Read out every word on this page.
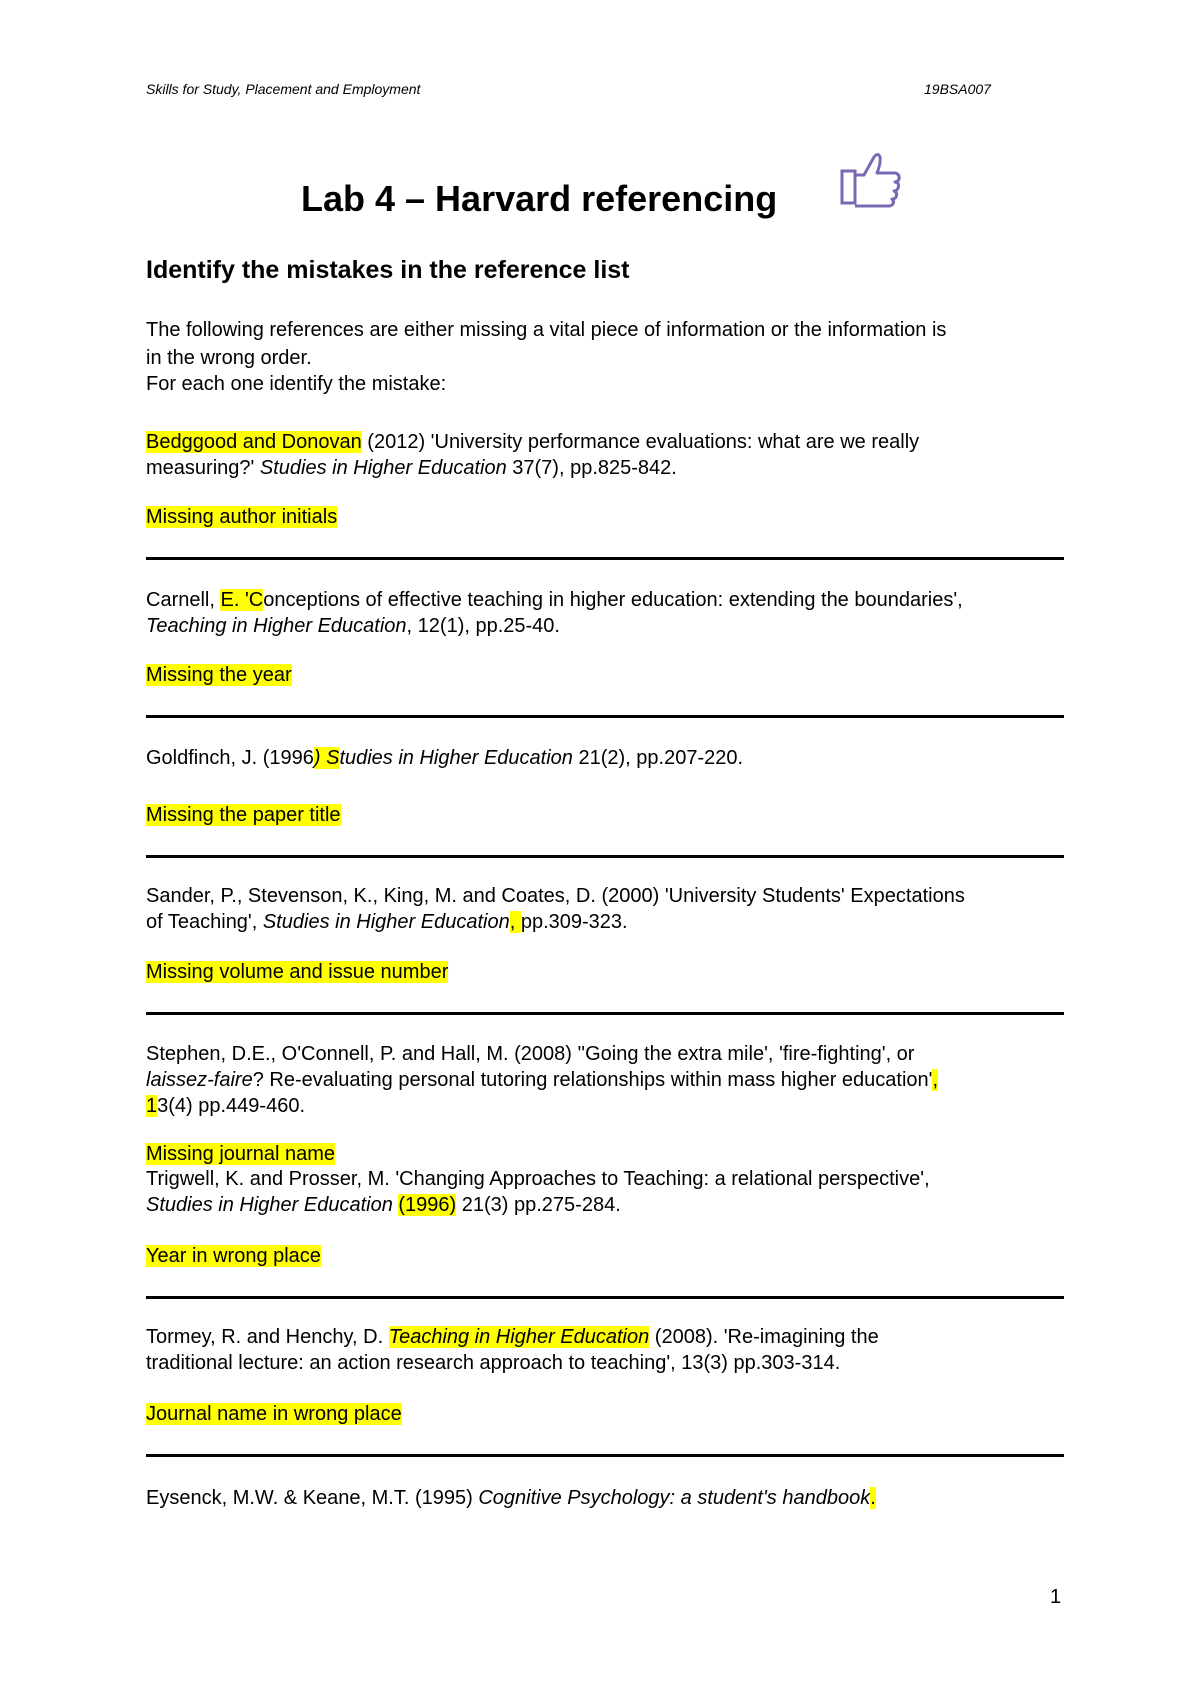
Skills for Study, Placement and Employment	19BSA007
Lab 4 – Harvard referencing
Identify the mistakes in the reference list
The following references are either missing a vital piece of information or the information is
in the wrong order.
For each one identify the mistake:
Bedggood and Donovan (2012) 'University performance evaluations: what are we really
measuring?' Studies in Higher Education 37(7), pp.825-842.
Missing author initials
Carnell, E. 'Conceptions of effective teaching in higher education: extending the boundaries',
Teaching in Higher Education, 12(1), pp.25-40.
Missing the year
Goldfinch, J. (1996) Studies in Higher Education 21(2), pp.207-220.
Missing the paper title
Sander, P., Stevenson, K., King, M. and Coates, D. (2000) 'University Students' Expectations
of Teaching', Studies in Higher Education, pp.309-323.
Missing volume and issue number
Stephen, D.E., O'Connell, P. and Hall, M. (2008) ''Going the extra mile', 'fire-fighting', or
laissez-faire? Re-evaluating personal tutoring relationships within mass higher education',
13(4) pp.449-460.
Missing journal name
Trigwell, K. and Prosser, M. 'Changing Approaches to Teaching: a relational perspective',
Studies in Higher Education (1996) 21(3) pp.275-284.
Year in wrong place
Tormey, R. and Henchy, D. Teaching in Higher Education (2008). 'Re-imagining the
traditional lecture: an action research approach to teaching', 13(3) pp.303-314.
Journal name in wrong place
Eysenck, M.W. & Keane, M.T. (1995) Cognitive Psychology: a student's handbook.
1
